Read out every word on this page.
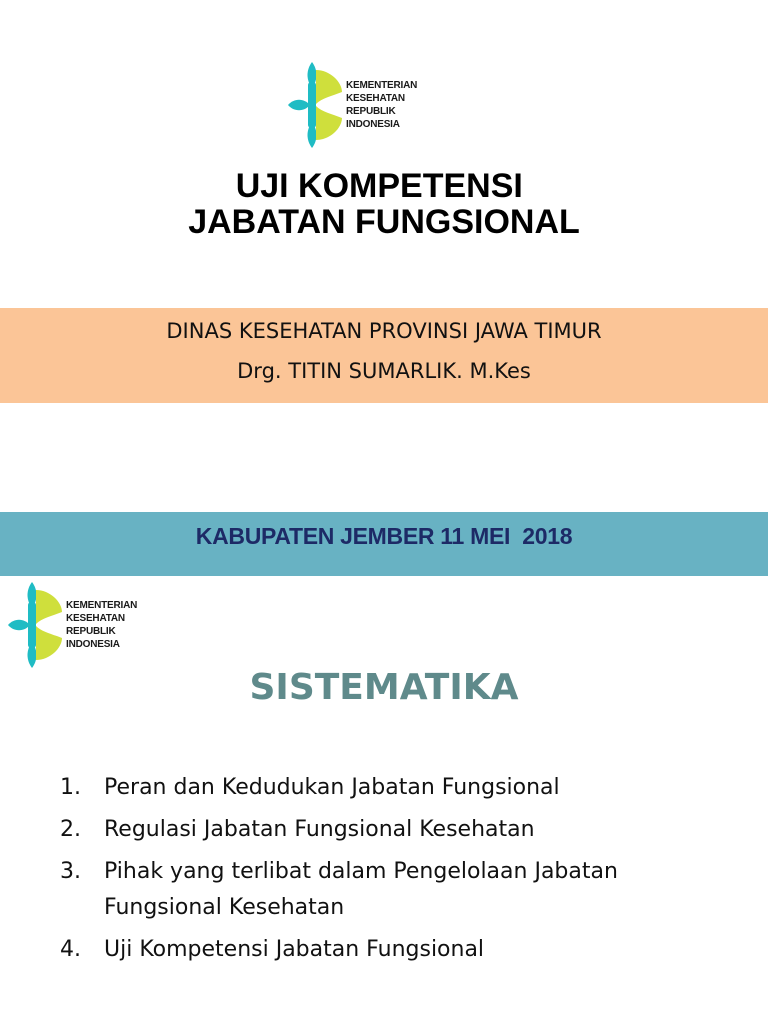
KEMENTERIAN
KESEHATAN
REPUBLIK
INDONESIA
UJI KOMPETENSI
JABATAN FUNGSIONAL
DINAS KESEHATAN PROVINSI JAWA TIMUR
Drg. TITIN SUMARLIK. M.Kes
KABUPATEN JEMBER 11 MEI  2018
KEMENTERIAN
KESEHATAN
REPUBLIK
INDONESIA
SISTEMATIKA
1. Peran dan Kedudukan Jabatan Fungsional
2. Regulasi Jabatan Fungsional Kesehatan
3. Pihak yang terlibat dalam Pengelolaan Jabatan Fungsional Kesehatan
4. Uji Kompetensi Jabatan Fungsional
